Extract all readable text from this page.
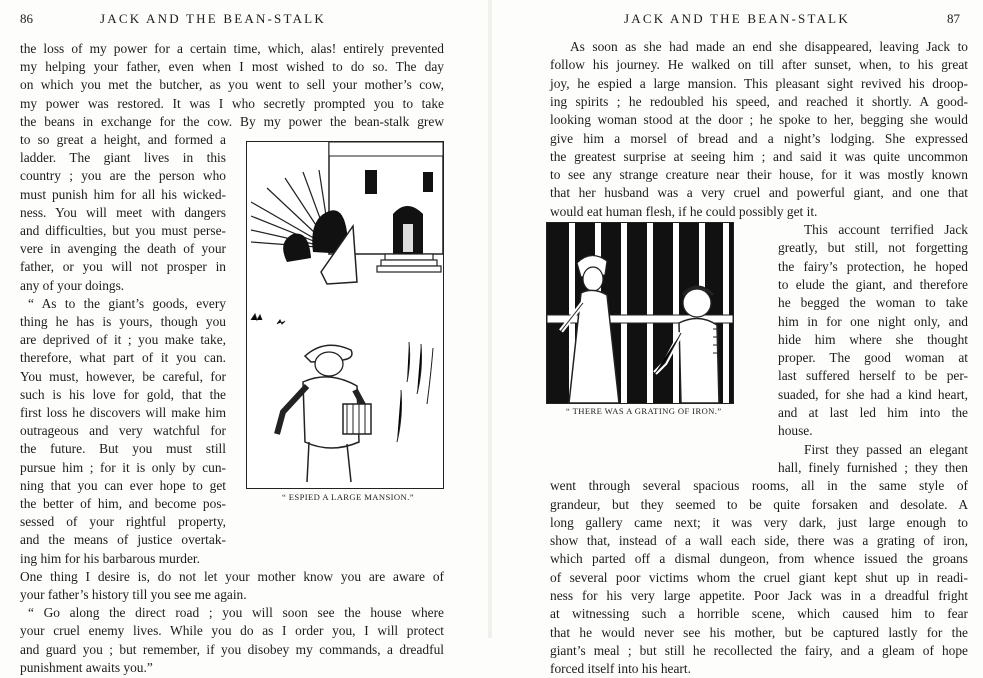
86	JACK AND THE BEAN-STALK
the loss of my power for a certain time, which, alas! entirely prevented
my helping your father, even when I most wished to do so. The day
on which you met the butcher, as you went to sell your mother’s cow,
my power was restored. It was I who secretly prompted you to take
the beans in exchange for the cow. By my power the bean-stalk grew
to so great a height, and formed a
ladder. The giant lives in this
country ; you are the person who
must punish him for all his wicked-
ness. You will meet with dangers
and difficulties, but you must perse-
vere in avenging the death of your
father, or you will not prosper in
any of your doings.
“ As to the giant’s goods, every
thing he has is yours, though you
are deprived of it ; you make take,
therefore, what part of it you can.
You must, however, be careful, for
such is his love for gold, that the
first loss he discovers will make him
outrageous and very watchful for
the future. But you must still
pursue him ; for it is only by cun-
ning that you can ever hope to get
the better of him, and become pos-
sessed of your rightful property,
and the means of justice overtak-
ing him for his barbarous murder.
One thing I desire is, do not let your mother know you are aware of
your father’s history till you see me again.
“ Go along the direct road ; you will soon see the house where
your cruel enemy lives. While you do as I order you, I will protect
and guard you ; but remember, if you disobey my commands, a dreadful
punishment awaits you.”
“ ESPIED A LARGE MANSION.”
JACK AND THE BEAN-STALK	87
As soon as she had made an end she disappeared, leaving Jack to
follow his journey. He walked on till after sunset, when, to his great
joy, he espied a large mansion. This pleasant sight revived his droop-
ing spirits ; he redoubled his speed, and reached it shortly. A good-
looking woman stood at the door ; he spoke to her, begging she would
give him a morsel of bread and a night’s lodging. She expressed
the greatest surprise at seeing him ; and said it was quite uncommon
to see any strange creature near their house, for it was mostly known
that her husband was a very cruel and powerful giant, and one that
would eat human flesh, if he could possibly get it.
This account terrified Jack
greatly, but still, not forgetting
the fairy’s protection, he hoped
to elude the giant, and therefore
he begged the woman to take
him in for one night only, and
hide him where she thought
proper. The good woman at
last suffered herself to be per-
suaded, for she had a kind heart,
and at last led him into the
house.
First they passed an elegant
hall, finely furnished ; they then
went through several spacious rooms, all in the same style of
grandeur, but they seemed to be quite forsaken and desolate. A
long gallery came next; it was very dark, just large enough to
show that, instead of a wall each side, there was a grating of iron,
which parted off a dismal dungeon, from whence issued the groans
of several poor victims whom the cruel giant kept shut up in readi-
ness for his very large appetite. Poor Jack was in a dreadful fright
at witnessing such a horrible scene, which caused him to fear
that he would never see his mother, but be captured lastly for the
giant’s meal ; but still he recollected the fairy, and a gleam of hope
forced itself into his heart.
“ THERE WAS A GRATING OF IRON.”
